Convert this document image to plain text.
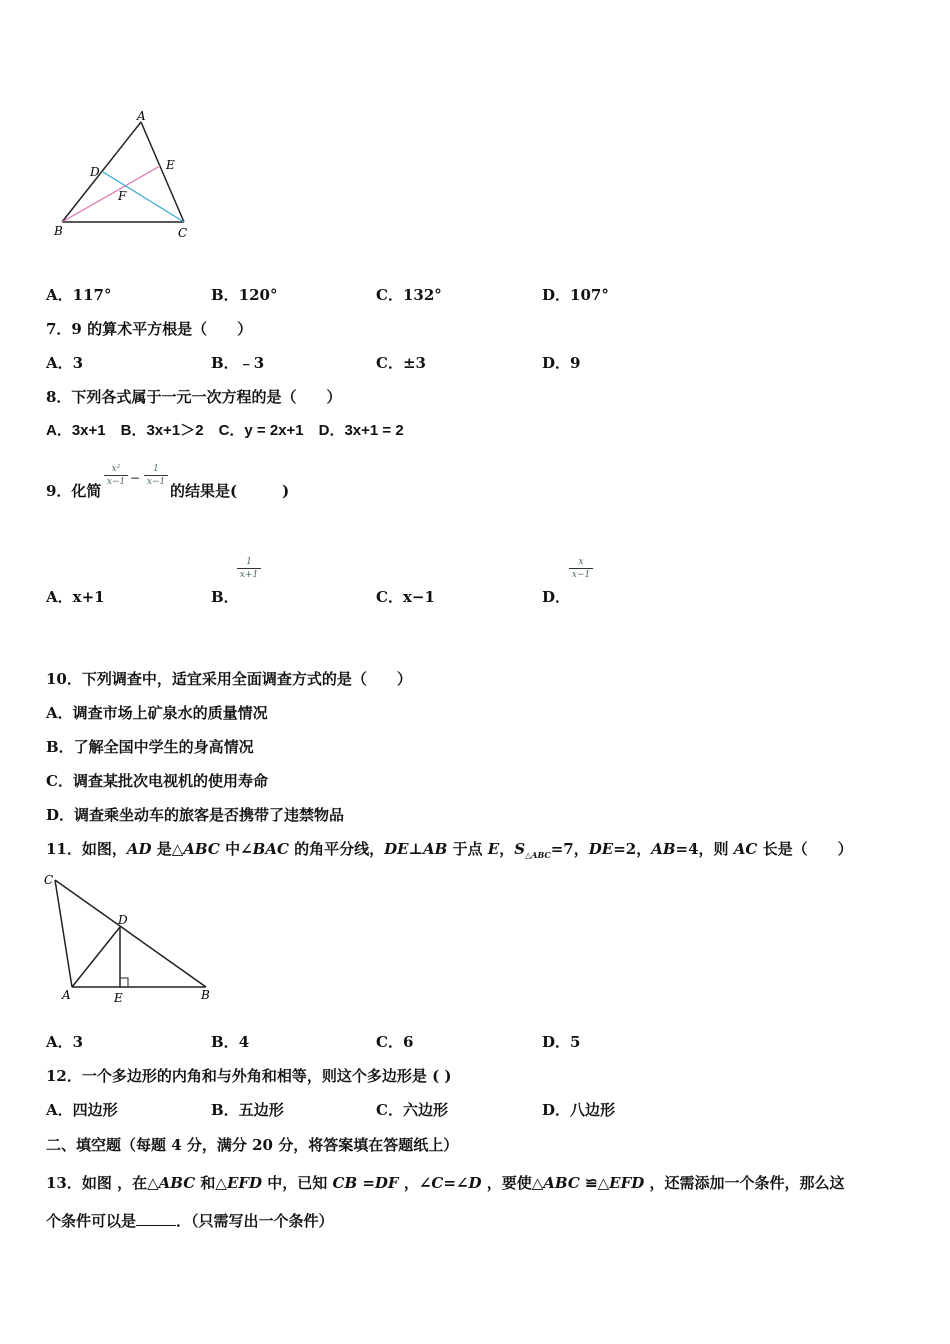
A
B	C
D	E
F
A．117°	B．120°	C．132°	D．107°
7．9 的算术平方根是（　　）
A．3	B．﹣3	C．±3	D．9
8．下列各式属于一元一次方程的是（　　）
A．3x+1　B．3x+1＞2　C．y = 2x+1　D．3x+1 = 2
9．化简
x²
x−1 −
1
x−1 的结果是(　　　)
A．x+1	B．
1
x+1
C．x−1	D．
x
x−1
10．下列调查中，适宜采用全面调查方式的是（　　）
A．调查市场上矿泉水的质量情况
B．了解全国中学生的身高情况
C．调查某批次电视机的使用寿命
D．调查乘坐动车的旅客是否携带了违禁物品
11．如图，AD 是△ABC 中∠BAC 的角平分线，DE⊥AB 于点 E，$S_{\triangle ABC}=7$，DE=2，AB=4，则 AC 长是（　　）
C
D
A	E	B
A．3	B．4	C．6	D．5
12．一个多边形的内角和与外角和相等，则这个多边形是 ( )
A．四边形	B．五边形	C．六边形	D．八边形
二、填空题（每题 4 分，满分 20 分，将答案填在答题纸上）
13．如图 ，在△ABC 和△EFD 中，已知 CB =DF ，∠C=∠D ，要使△ABC ≌△EFD ，还需添加一个条件，那么这
个条件可以是	．（只需写出一个条件）
